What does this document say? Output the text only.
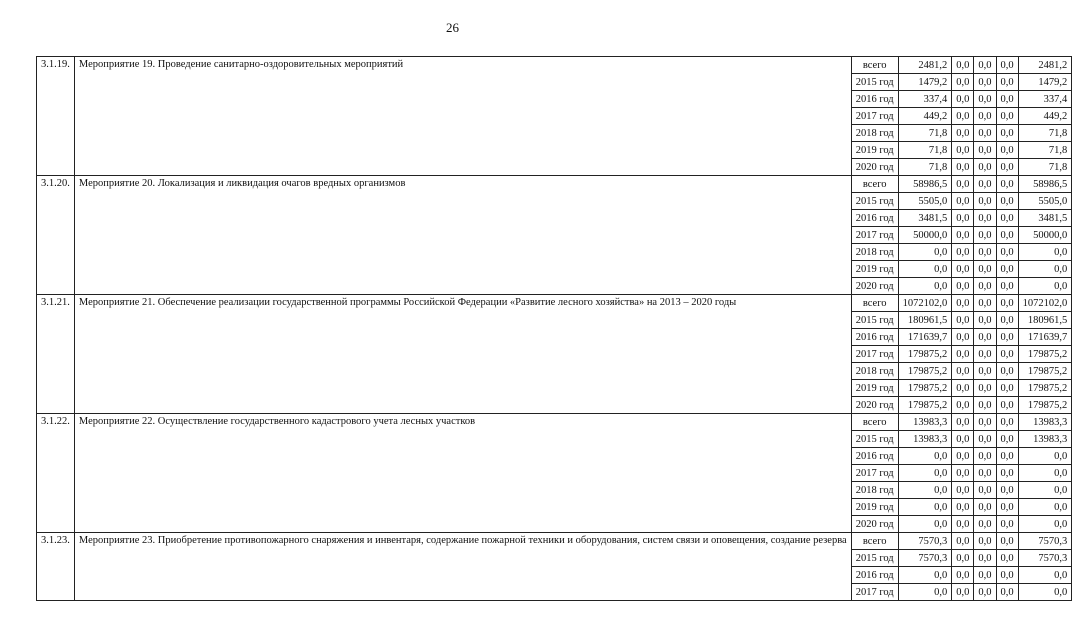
26
3.1.19.	Мероприятие 19. Проведение санитарно-оздоровительных мероприятий	всего	2481,2	0,0	0,0	0,0	2481,2
		2015 год	1479,2	0,0	0,0	0,0	1479,2
		2016 год	337,4	0,0	0,0	0,0	337,4
		2017 год	449,2	0,0	0,0	0,0	449,2
		2018 год	71,8	0,0	0,0	0,0	71,8
		2019 год	71,8	0,0	0,0	0,0	71,8
		2020 год	71,8	0,0	0,0	0,0	71,8
3.1.20.	Мероприятие 20. Локализация и ликвидация очагов вредных организмов	всего	58986,5	0,0	0,0	0,0	58986,5
		2015 год	5505,0	0,0	0,0	0,0	5505,0
		2016 год	3481,5	0,0	0,0	0,0	3481,5
		2017 год	50000,0	0,0	0,0	0,0	50000,0
		2018 год	0,0	0,0	0,0	0,0	0,0
		2019 год	0,0	0,0	0,0	0,0	0,0
		2020 год	0,0	0,0	0,0	0,0	0,0
3.1.21.	Мероприятие 21. Обеспечение реализации государственной программы Российской Федерации «Развитие лесного хозяйства» на 2013 – 2020 годы	всего	1072102,0	0,0	0,0	0,0	1072102,0
		2015 год	180961,5	0,0	0,0	0,0	180961,5
		2016 год	171639,7	0,0	0,0	0,0	171639,7
		2017 год	179875,2	0,0	0,0	0,0	179875,2
		2018 год	179875,2	0,0	0,0	0,0	179875,2
		2019 год	179875,2	0,0	0,0	0,0	179875,2
		2020 год	179875,2	0,0	0,0	0,0	179875,2
3.1.22.	Мероприятие 22. Осуществление государственного кадастрового учета лесных участков	всего	13983,3	0,0	0,0	0,0	13983,3
		2015 год	13983,3	0,0	0,0	0,0	13983,3
		2016 год	0,0	0,0	0,0	0,0	0,0
		2017 год	0,0	0,0	0,0	0,0	0,0
		2018 год	0,0	0,0	0,0	0,0	0,0
		2019 год	0,0	0,0	0,0	0,0	0,0
		2020 год	0,0	0,0	0,0	0,0	0,0
3.1.23.	Мероприятие 23. Приобретение противопожарного снаряжения и инвентаря, содержание пожарной техники и оборудования, систем связи и оповещения, создание резерва	всего	7570,3	0,0	0,0	0,0	7570,3
		2015 год	7570,3	0,0	0,0	0,0	7570,3
		2016 год	0,0	0,0	0,0	0,0	0,0
		2017 год	0,0	0,0	0,0	0,0	0,0
